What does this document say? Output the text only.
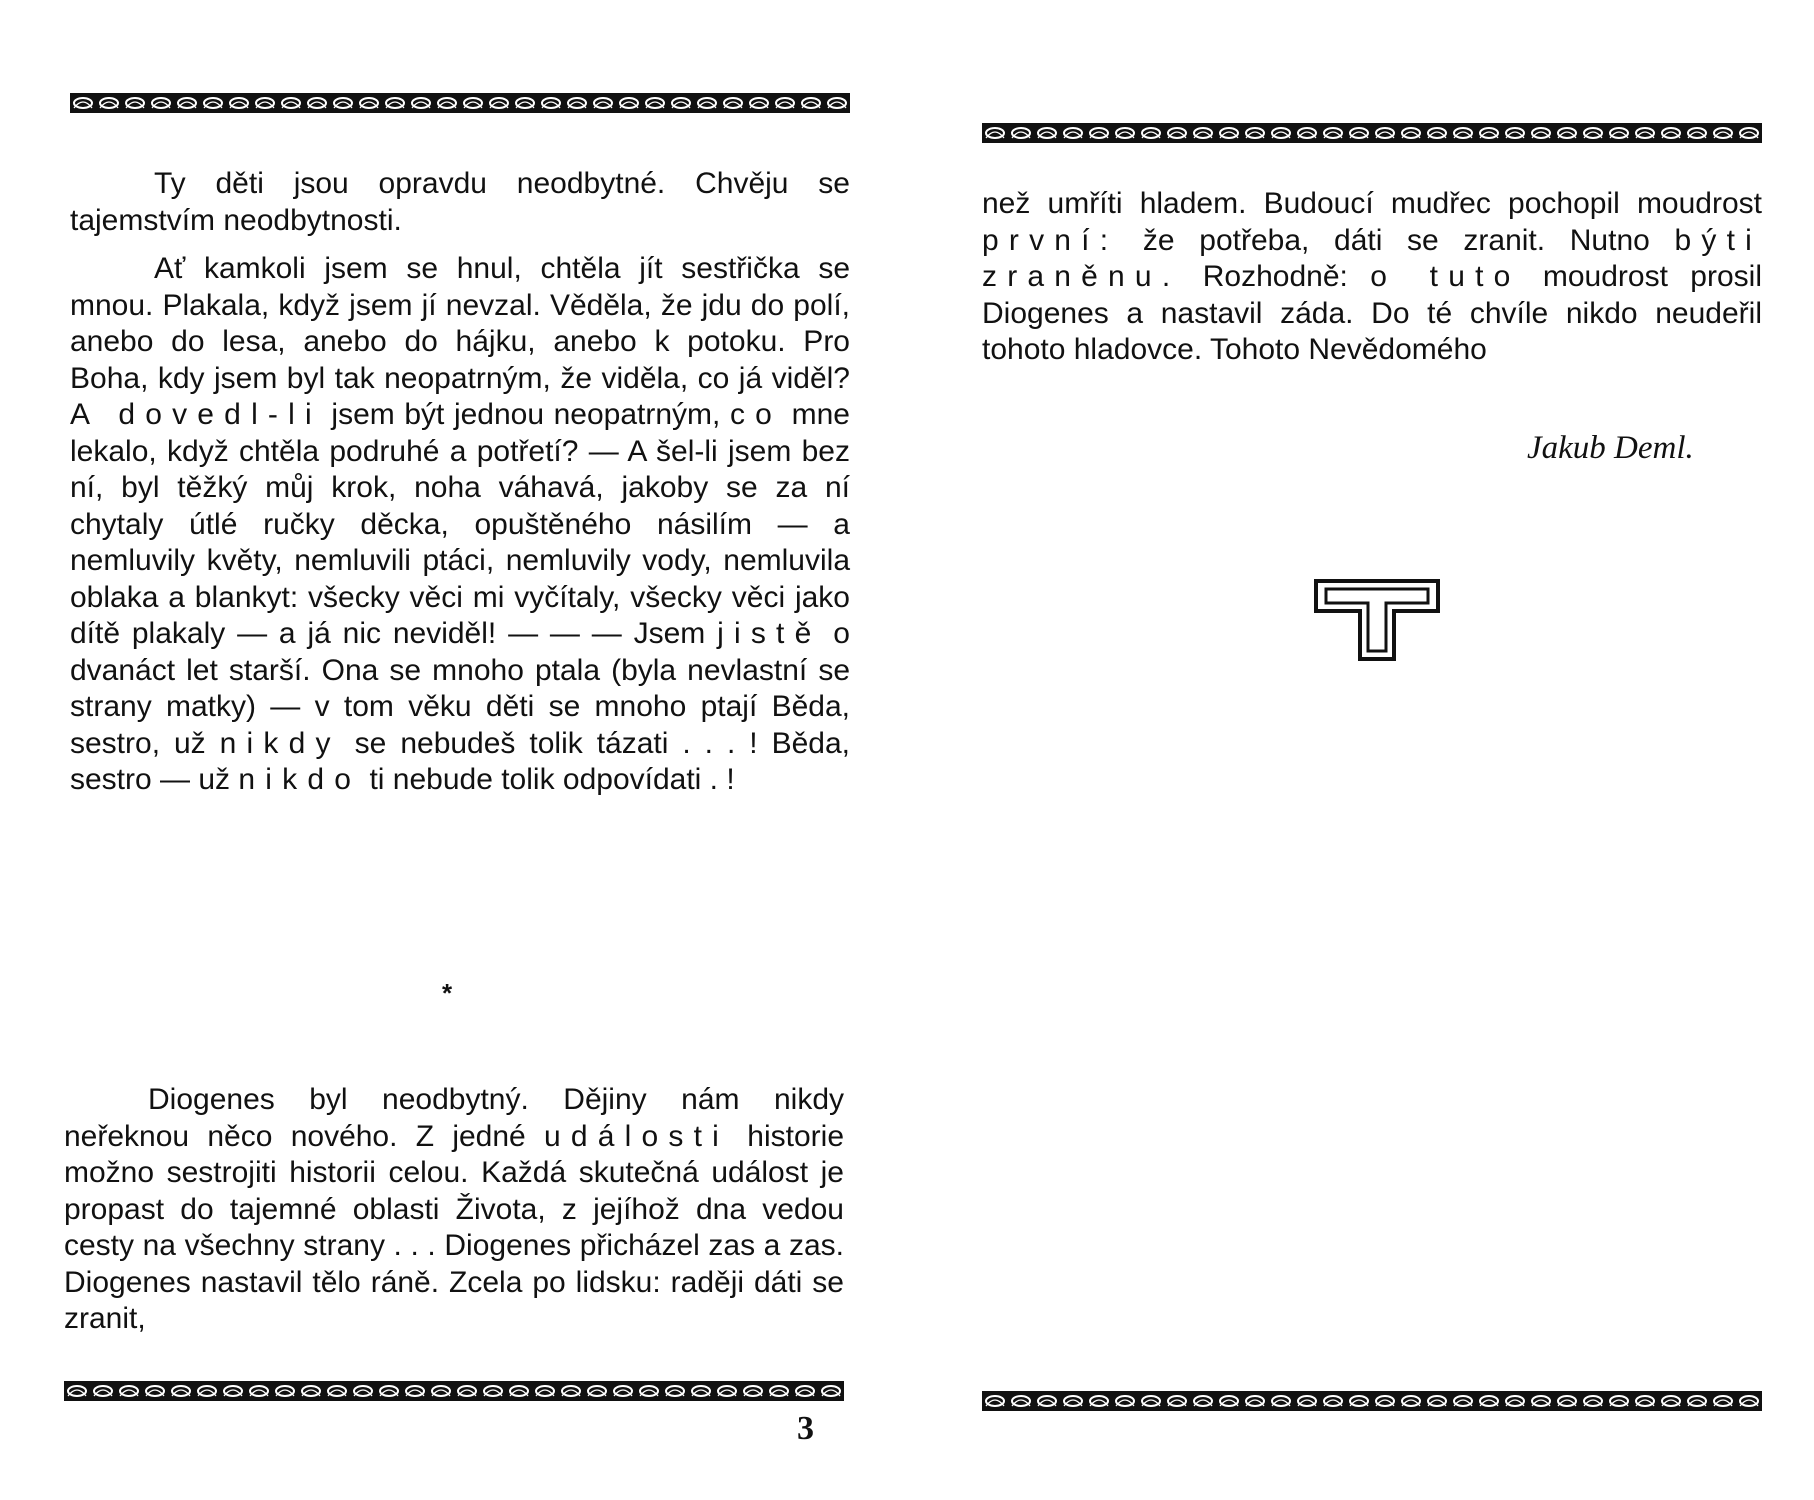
Ty děti jsou opravdu neodbytné. Chvěju se tajemstvím neodbytnosti.

Ať kamkoli jsem se hnul, chtěla jít sestřička se mnou. Plakala, když jsem jí nevzal. Věděla, že jdu do polí, anebo do lesa, anebo do hájku, anebo k potoku. Pro Boha, kdy jsem byl tak neopatrným, že viděla, co já viděl? A dovedl-li jsem být jednou neopatrným, co mne lekalo, když chtěla podruhé a potřetí? — A šel-li jsem bez ní, byl těžký můj krok, noha váhavá, jakoby se za ní chytaly útlé ručky děcka, opuštěného násilím — a nemluvily květy, nemluvili ptáci, nemluvily vody, nemluvila oblaka a blankyt: všecky věci mi vyčítaly, všecky věci jako dítě plakaly — a já nic neviděl! — — — Jsem jistě o dvanáct let starší. Ona se mnoho ptala (byla nevlastní se strany matky) — v tom věku děti se mnoho ptají Běda, sestro, už nikdy se nebudeš tolik tázati . . . ! Běda, sestro — už nikdo ti nebude tolik odpovídati . !

*

Diogenes byl neodbytný. Dějiny nám nikdy neřeknou něco nového. Z jedné události historie možno sestrojiti historii celou. Každá skutečná událost je propast do tajemné oblasti Života, z jejíhož dna vedou cesty na všechny strany . . . Diogenes přicházel zas a zas. Diogenes nastavil tělo ráně. Zcela po lidsku: raději dáti se zranit,

3

než umříti hladem. Budoucí mudřec pochopil moudrost první: že potřeba, dáti se zranit. Nutno býti zraněnu. Rozhodně: o tuto moudrost prosil Diogenes a nastavil záda. Do té chvíle nikdo neudeřil tohoto hladovce. Tohoto Nevědomého

Jakub Deml.
